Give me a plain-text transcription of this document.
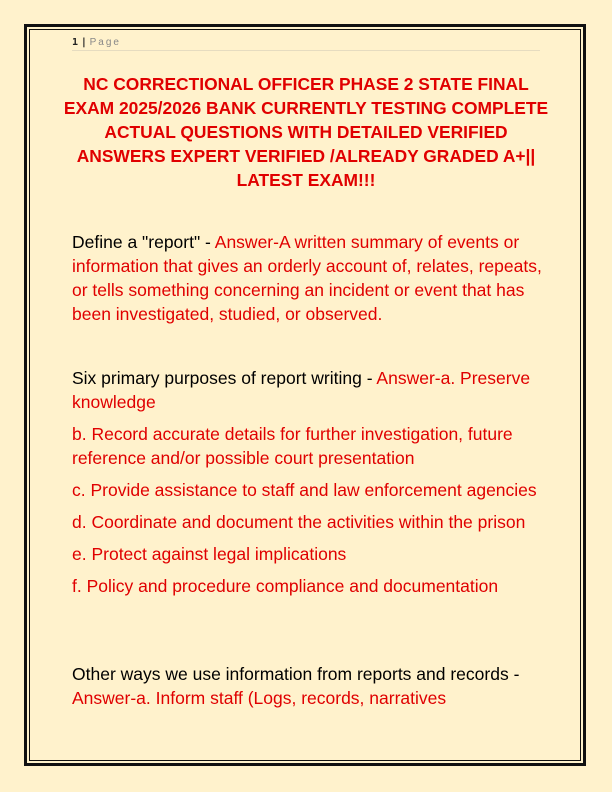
1 | Page
NC CORRECTIONAL OFFICER PHASE 2 STATE FINAL EXAM 2025/2026 BANK CURRENTLY TESTING COMPLETE ACTUAL QUESTIONS WITH DETAILED VERIFIED ANSWERS EXPERT VERIFIED /ALREADY GRADED A+|| LATEST EXAM!!!

Define a "report" - Answer-A written summary of events or information that gives an orderly account of, relates, repeats, or tells something concerning an incident or event that has been investigated, studied, or observed.

Six primary purposes of report writing - Answer-a. Preserve knowledge

b. Record accurate details for further investigation, future reference and/or possible court presentation

c. Provide assistance to staff and law enforcement agencies

d. Coordinate and document the activities within the prison

e. Protect against legal implications

f. Policy and procedure compliance and documentation

Other ways we use information from reports and records - Answer-a. Inform staff (Logs, records, narratives
